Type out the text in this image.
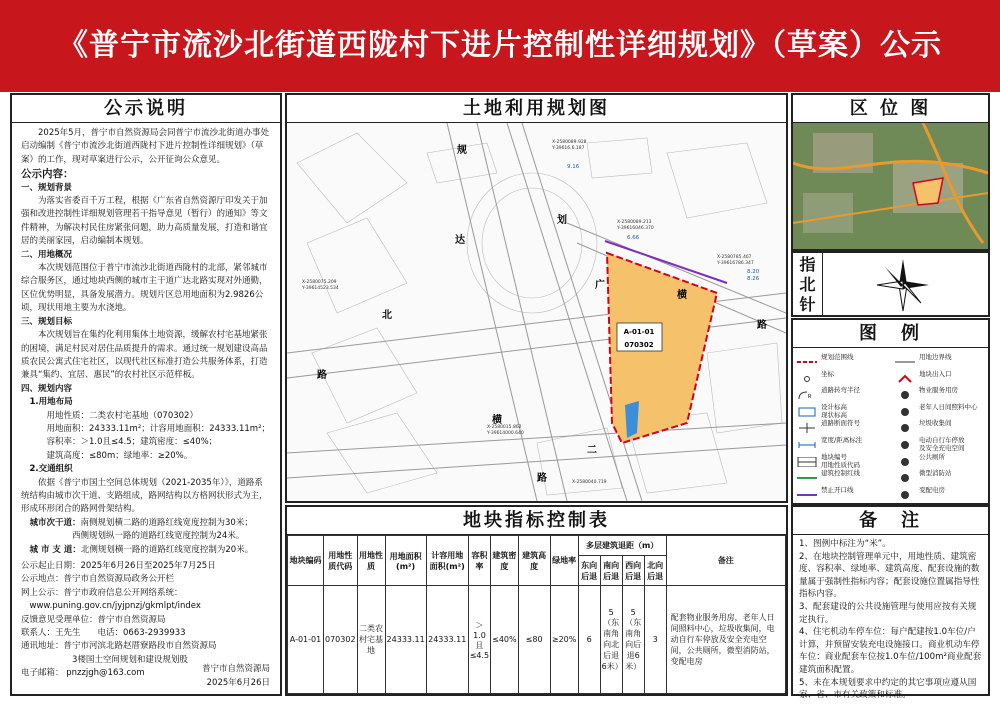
《普宁市流沙北街道西陇村下进片控制性详细规划》（草案）公示
公示说明

2025年5月，普宁市自然资源局会同普宁市流沙北街道办事处启动编制《普宁市流沙北街道西陇村下进片控制性详细规划》（草案）的工作，现对草案进行公示，公开征询公众意见。

公示内容：
一、规划背景

为落实省委百千万工程，根据《广东省自然资源厅印发关于加强和改进控制性详细规划管理若干指导意见（暂行）的通知》等文件精神，为解决村民住房紧张问题，助力高质量发展，打造和谐宜居的美丽家园，启动编制本规划。

二、用地概况

本次规划范围位于普宁市流沙北街道西陇村的北部，紧邻城市综合服务区，通过地块西侧的城市主干道广达北路实现对外通勤，区位优势明显，具备发展潜力。规划片区总用地面积为2.9826公顷，现状用地主要为水浇地。

三、规划目标

本次规划旨在集约化利用集体土地资源，缓解农村宅基地紧张的困境，满足村民对居住品质提升的需求。通过统一规划建设高品质农民公寓式住宅社区，以现代社区标准打造公共服务体系，打造兼具“集约、宜居、惠民”的农村社区示范样板。

四、规划内容
1.用地布局
用地性质：二类农村宅基地（070302）
用地面积：24333.11m²；计容用地面积：24333.11m²；
容积率：＞1.0且≤4.5；建筑密度：≤40%；
建筑高度：≤80m；绿地率：≥20%。
2.交通组织

依据《普宁市国土空间总体规划（2021-2035年）》，道路系统结构由城市次干道、支路组成，路网结构以方格网状形式为主，形成环形闭合的路网骨架结构。

城市次干道：南侧规划横二路的道路红线宽度控制为30米；
西侧规划纵一路的道路红线宽度控制为24米。
城 市 支 道：北侧规划横一路的道路红线宽度控制为20米。
公示起止日期：2025年6月26日至2025年7月25日
公示地点：普宁市自然资源局政务公开栏
网上公示：普宁市政府信息公开网络系统：
www.puning.gov.cn/jyjpnzj/gkmlpt/index
反馈意见受理单位：普宁市自然资源局
联系人：王先生　　电话：0663-2939933
通讯地址：普宁市河滨北路赵厝寮路段市自然资源局
3楼国土空间规划和建设规划股
电子邮箱： pnzzjgh@163.com	普宁市自然资源局
2025年6月26日
土地利用规划图
A-01-01
070302
广
达
北
路
规
划
横
路
横
二
路
X-2580089.928
Y-39616.6.187
X-2580089.213
Y-39616046.370
X-2580785.467
Y-39616786.347
X-2580075.209
Y-39614523.534
X-2580015.862
Y-39614000.640
X-2580040.719
9.16
6.66
8.20
8.26
地块指标控制表
地块编码	用地性质代码	用地性质	用地面积(m²)	计容用地面积(m²)	容积率	建筑密度	建筑高度	绿地率	多层建筑退距（m）				备注
									东向后退	南向后退	西向后退	北向后退	
A-01-01	070302	二类农村宅基地	24333.11	24333.11	＞1.0且≤4.5	≤40%	≤80	≥20%	6	5（东南角向北后退6米）	5（东南角向后退6米）	3	配套物业服务用房，老年人日间照料中心，垃圾收集间，电动自行车停放及安全充电空间，公共厕所，微型消防站，变配电房
区 位 图
指北针
图　例
规划范围线	用地边界线
坐标	地块出入口
R
道路转弯半径	物业服务用房
设计标高
现状标高
老年人日间照料中心
道路断面符号	垃圾收集间
宽度/距离标注	电动自行车停放
及安全充电空间
地块编号
用地性质代码
公共厕所
建筑控制红线	微型消防站
禁止开口线	变配电房
备　注
1、图例中标注为“米”。
2、在地块控制管理单元中，用地性质、建筑密度、容积率、绿地率、建筑高度、配套设施的数量属于强制性指标内容；配套设施位置属指导性指标内容。
3、配套建设的公共设施管理与使用应按有关规定执行。
4、住宅机动车停车位：每户配建按1.0车位/户计算，并预留安装充电设施接口。商业机动车停车位：商业配套车位按1.0车位/100m²商业配套建筑面积配置。
5、未在本规划要求中约定的其它事项应遵从国家、省、市有关政策和标准。
